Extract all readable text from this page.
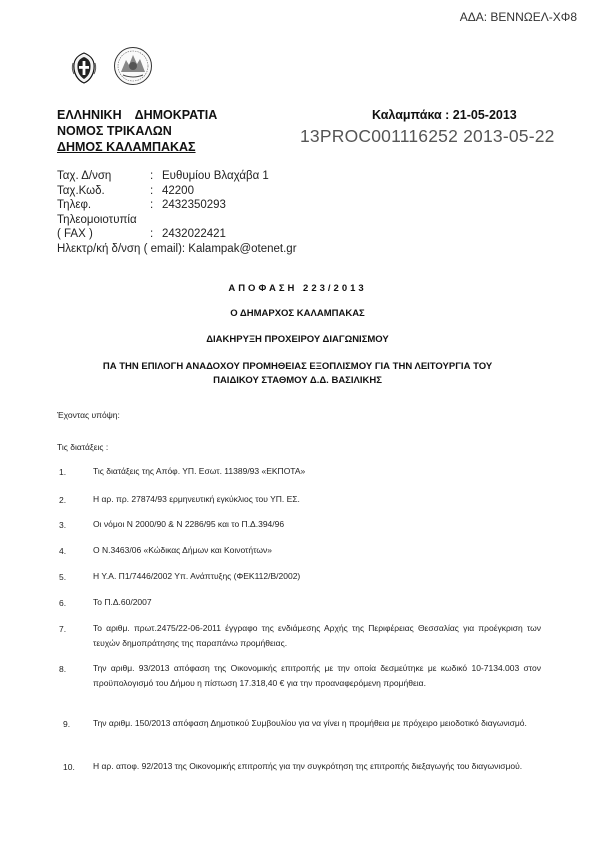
ΑΔΑ: ΒΕΝΝΩΕΛ-ΧΦ8
ΕΛΛΗΝΙΚΗ ΔΗΜΟΚΡΑΤΙΑ
ΝΟΜΟΣ ΤΡΙΚΑΛΩΝ
ΔΗΜΟΣ ΚΑΛΑΜΠΑΚΑΣ
Καλαμπάκα : 21-05-2013
13PROC001116252 2013-05-22
Ταχ. Δ/νση	: Ευθυμίου Βλαχάβα 1
Ταχ.Κωδ.	: 42200
Τηλεφ.	: 2432350293
Τηλεομοιοτυπία
( FAX )	: 2432022421
Ηλεκτρ/κή δ/νση ( email): Kalampak@otenet.gr
ΑΠΟΦΑΣΗ 223/2013
Ο ΔΗΜΑΡΧΟΣ ΚΑΛΑΜΠΑΚΑΣ
ΔΙΑΚΗΡΥΞΗ ΠΡΟΧΕΙΡΟΥ ΔΙΑΓΩΝΙΣΜΟΥ
ΠΑ ΤΗΝ ΕΠΙΛΟΓΗ ΑΝΑΔΟΧΟΥ ΠΡΟΜΗΘΕΙΑΣ ΕΞΟΠΛΙΣΜΟΥ ΓΙΑ ΤΗΝ ΛΕΙΤΟΥΡΓΙΑ ΤΟΥ
ΠΑΙΔΙΚΟΥ ΣΤΑΘΜΟΥ Δ.Δ. ΒΑΣΙΛΙΚΗΣ
Έχοντας υπόψη:
Τις διατάξεις :
1.	Τις διατάξεις της Απόφ. ΥΠ. Εσωτ. 11389/93 «ΕΚΠΟΤΑ»
2.	Η αρ. πρ. 27874/93 ερμηνευτική εγκύκλιος του ΥΠ. ΕΣ.
3.	Οι νόμοι Ν 2000/90 & Ν 2286/95 και το Π.Δ.394/96
4.	Ο Ν.3463/06 «Κώδικας Δήμων και Κοινοτήτων»
5.	Η Υ.Α. Π1/7446/2002 Υπ. Ανάπτυξης (ΦΕΚ112/Β/2002)
6.	Το Π.Δ.60/2007
7.	Το αριθμ. πρωτ.2475/22-06-2011 έγγραφο της ενδιάμεσης Αρχής της Περιφέρειας Θεσσαλίας για προέγκριση των τευχών δημοπράτησης της παραπάνω προμήθειας.
8.	Την αριθμ. 93/2013 απόφαση της Οικονομικής επιτροπής με την οποία δεσμεύτηκε με κωδικό 10-7134.003 στον προϋπολογισμό του Δήμου η πίστωση 17.318,40 € για την προαναφερόμενη προμήθεια.
9.	Την αριθμ. 150/2013 απόφαση Δημοτικού Συμβουλίου για να γίνει η προμήθεια με πρόχειρο μειοδοτικό διαγωνισμό.
10.	Η αρ. αποφ. 92/2013 της Οικονομικής επιτροπής για την συγκρότηση της επιτροπής διεξαγωγής του διαγωνισμού.
